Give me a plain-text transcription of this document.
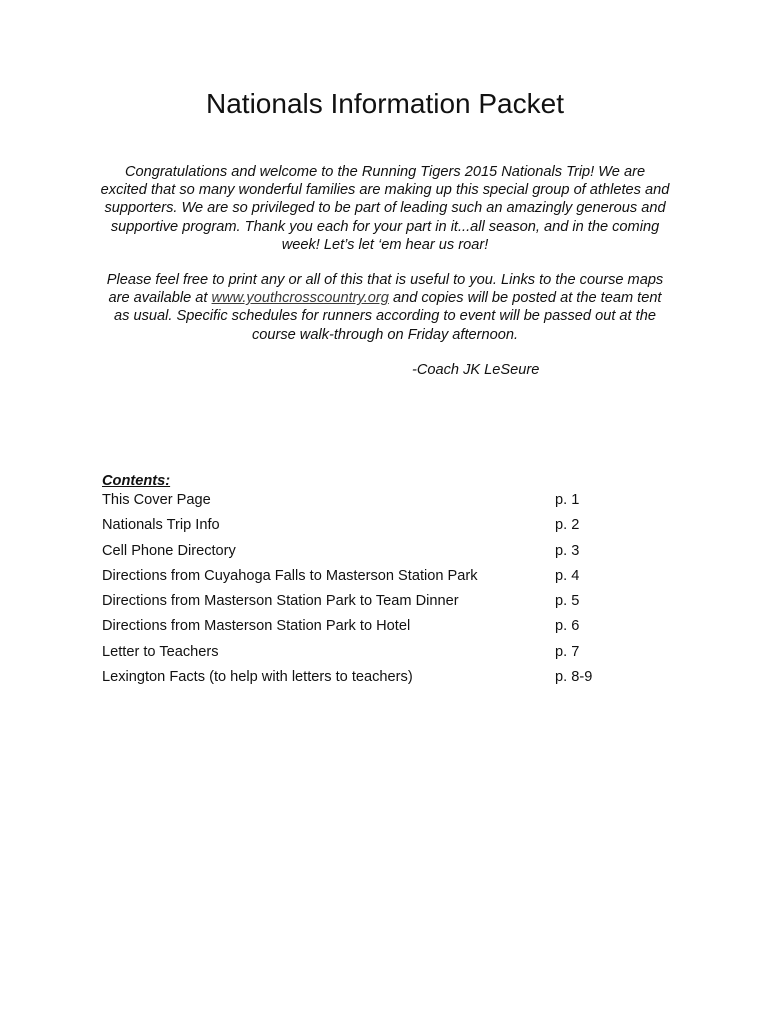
Nationals Information Packet

Congratulations and welcome to the Running Tigers 2015 Nationals Trip! We are excited that so many wonderful families are making up this special group of athletes and supporters. We are so privileged to be part of leading such an amazingly generous and supportive program. Thank you each for your part in it...all season, and in the coming week! Let’s let ‘em hear us roar!

Please feel free to print any or all of this that is useful to you. Links to the course maps are available at www.youthcrosscountry.org and copies will be posted at the team tent as usual. Specific schedules for runners according to event will be passed out at the course walk-through on Friday afternoon.

-Coach JK LeSeure

Contents:

This Cover Page	p. 1
Nationals Trip Info	p. 2
Cell Phone Directory	p. 3
Directions from Cuyahoga Falls to Masterson Station Park	p. 4
Directions from Masterson Station Park to Team Dinner	p. 5
Directions from Masterson Station Park to Hotel	p. 6
Letter to Teachers	p. 7
Lexington Facts (to help with letters to teachers)	p. 8-9
